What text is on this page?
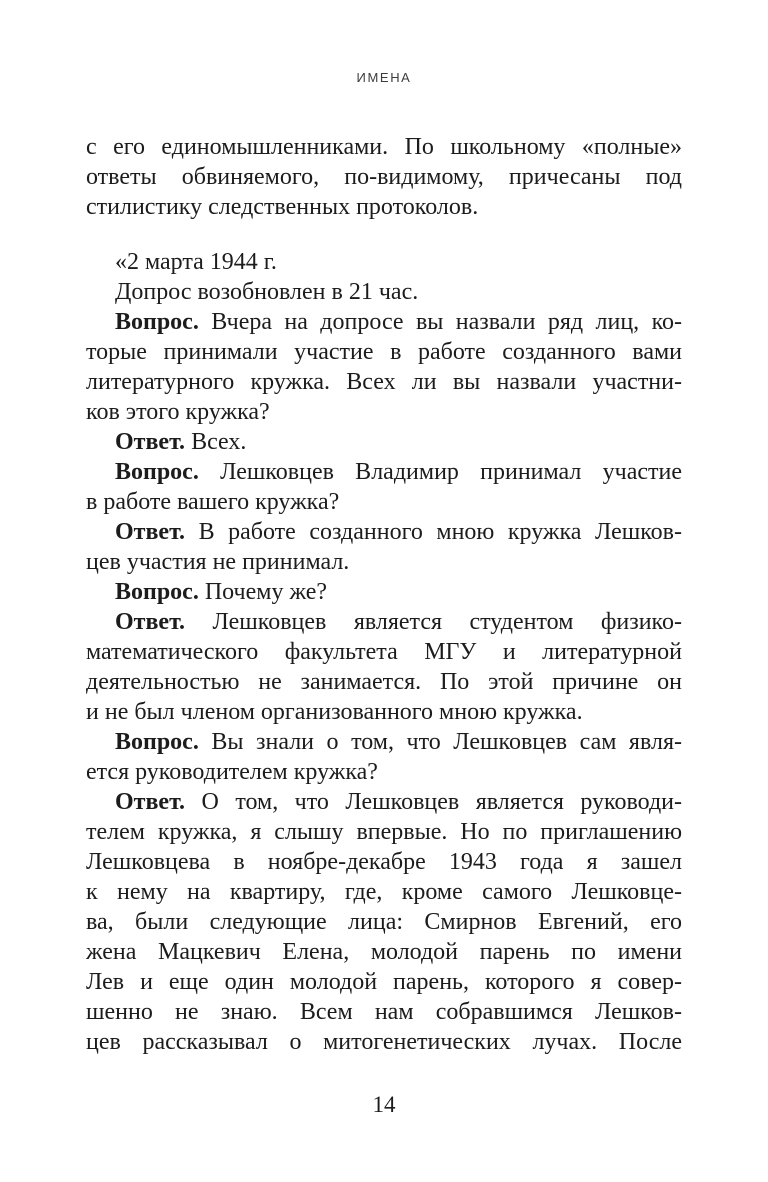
ИМЕНА
с его единомышленниками. По школьному «полные»
ответы обвиняемого, по-видимому, причесаны под
стилистику следственных протоколов.
«2 марта 1944 г.
Допрос возобновлен в 21 час.
Вопрос. Вчера на допросе вы назвали ряд лиц, ко-
торые принимали участие в работе созданного вами
литературного кружка. Всех ли вы назвали участни-
ков этого кружка?
Ответ. Всех.
Вопрос. Лешковцев Владимир принимал участие
в работе вашего кружка?
Ответ. В работе созданного мною кружка Лешков-
цев участия не принимал.
Вопрос. Почему же?
Ответ. Лешковцев является студентом физико-
математического факультета МГУ и литературной
деятельностью не занимается. По этой причине он
и не был членом организованного мною кружка.
Вопрос. Вы знали о том, что Лешковцев сам явля-
ется руководителем кружка?
Ответ. О том, что Лешковцев является руководи-
телем кружка, я слышу впервые. Но по приглашению
Лешковцева в ноябре-декабре 1943 года я зашел
к нему на квартиру, где, кроме самого Лешковце-
ва, были следующие лица: Смирнов Евгений, его
жена Мацкевич Елена, молодой парень по имени
Лев и еще один молодой парень, которого я совер-
шенно не знаю. Всем нам собравшимся Лешков-
цев рассказывал о митогенетических лучах. После
14
